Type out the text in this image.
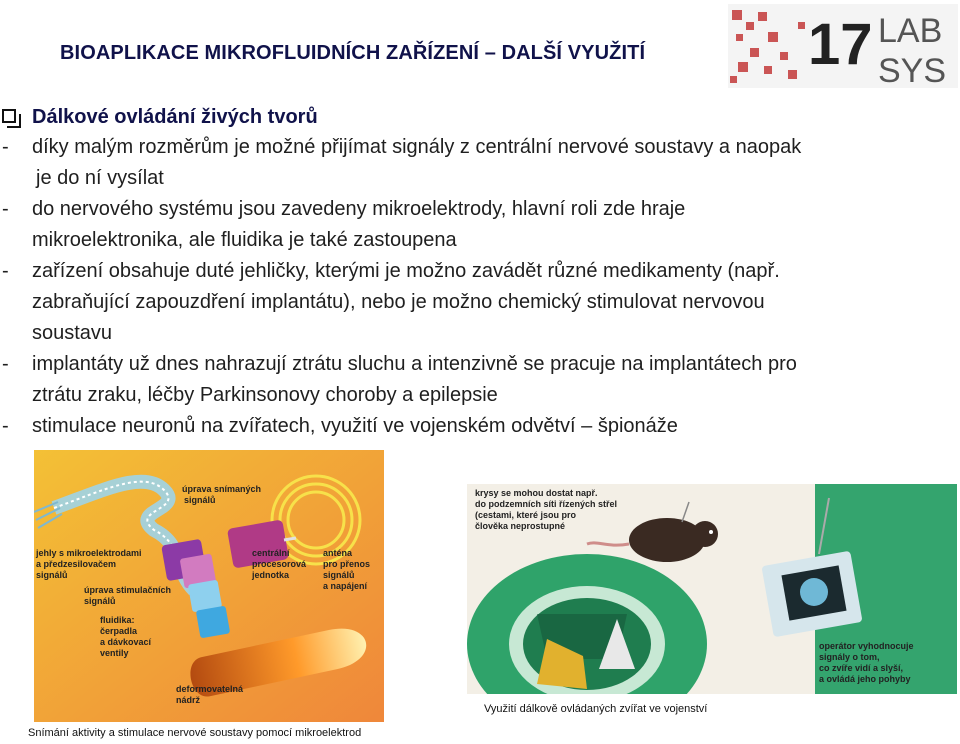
BIOAPLIKACE MIKROFLUIDNÍCH ZAŘÍZENÍ – DALŠÍ VYUŽITÍ	17 LAB
SYS
Dálkové ovládání živých tvorů
- díky malým rozměrům je možné přijímat signály z centrální nervové soustavy a naopak
je do ní vysílat
- do nervového systému jsou zavedeny mikroelektrody, hlavní roli zde hraje
mikroelektronika, ale fluidika je také zastoupena
- zařízení obsahuje duté jehličky, kterými je možno zavádět různé medikamenty (např.
zabraňující zapouzdření implantátu), nebo je možno chemický stimulovat nervovou
soustavu
- implantáty už dnes nahrazují ztrátu sluchu a intenzivně se pracuje na implantátech pro
ztrátu zraku, léčby Parkinsonovy choroby a epilepsie
- stimulace neuronů na zvířatech, využití ve vojenském odvětví – špionáže
úprava snímaných
signálů
jehly s mikroelektrodami
a předzesilovačem
signálů
centrální
procesorová
jednotka
anténa
pro přenos
signálů
a napájení
úprava stimulačních
signálů
fluidika:
čerpadla
a dávkovací
ventily
deformovatelná
nádrž
Snímání aktivity a stimulace nervové soustavy pomocí mikroelektrod
krysy se mohou dostat např.
do podzemních síti řízených střel
(cestami, které jsou pro
člověka neprostupné
operátor vyhodnocuje
signály o tom,
co zvíře vidí a slyší,
a ovládá jeho pohyby
Využití dálkově ovládaných zvířat ve vojenství
